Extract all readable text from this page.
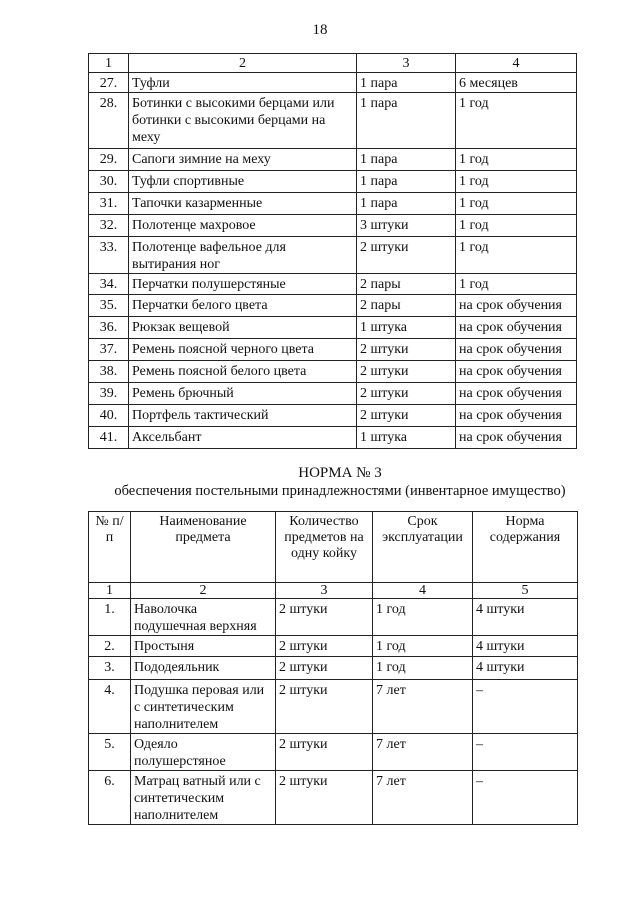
18
1	2	3	4
27.	Туфли	1 пара	6 месяцев
28.	Ботинки с высокими берцами или ботинки с высокими берцами на меху	1 пара	1 год
29.	Сапоги зимние на меху	1 пара	1 год
30.	Туфли спортивные	1 пара	1 год
31.	Тапочки казарменные	1 пара	1 год
32.	Полотенце махровое	3 штуки	1 год
33.	Полотенце вафельное для вытирания ног	2 штуки	1 год
34.	Перчатки полушерстяные	2 пары	1 год
35.	Перчатки белого цвета	2 пары	на срок обучения
36.	Рюкзак вещевой	1 штука	на срок обучения
37.	Ремень поясной черного цвета	2 штуки	на срок обучения
38.	Ремень поясной белого цвета	2 штуки	на срок обучения
39.	Ремень брючный	2 штуки	на срок обучения
40.	Портфель тактический	2 штуки	на срок обучения
41.	Аксельбант	1 штука	на срок обучения
НОРМА № 3
обеспечения постельными принадлежностями (инвентарное имущество)
№ п/п	Наименование предмета	Количество предметов на одну койку	Срок эксплуатации	Норма содержания
1	2	3	4	5
1.	Наволочка подушечная верхняя	2 штуки	1 год	4 штуки
2.	Простыня	2 штуки	1 год	4 штуки
3.	Пододеяльник	2 штуки	1 год	4 штуки
4.	Подушка перовая или с синтетическим наполнителем	2 штуки	7 лет	–
5.	Одеяло полушерстяное	2 штуки	7 лет	–
6.	Матрац ватный или с синтетическим наполнителем	2 штуки	7 лет	–
